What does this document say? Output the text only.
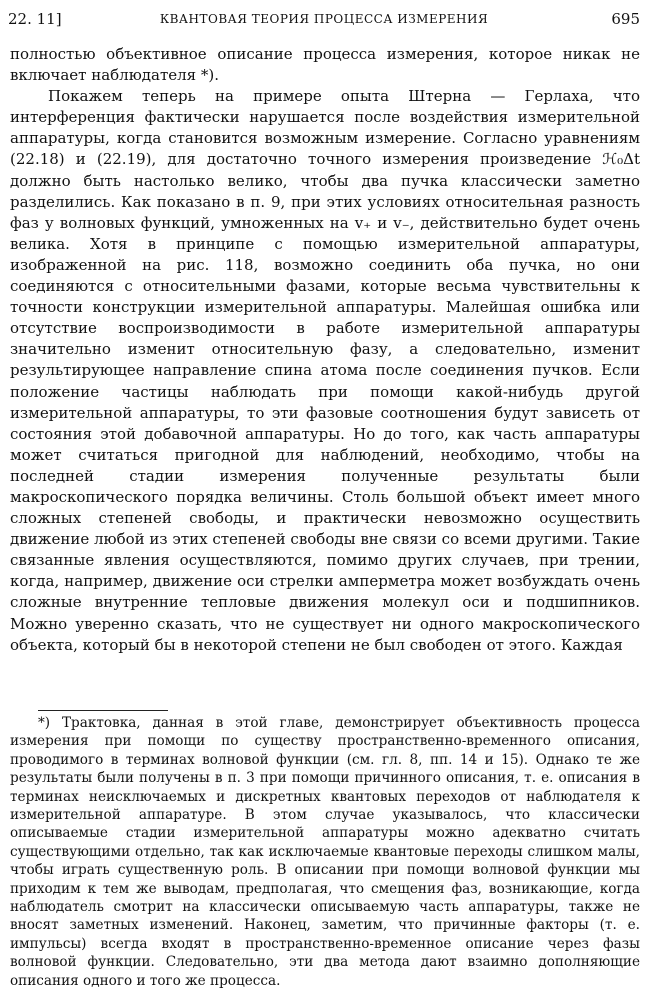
22. 11]	КВАНТОВАЯ ТЕОРИЯ ПРОЦЕССА ИЗМЕРЕНИЯ	695

полностью объективное описание процесса измерения, которое никак не включает наблюдателя *).

Покажем теперь на примере опыта Штерна — Герлаха, что интерференция фактически нарушается после воздействия измерительной аппаратуры, когда становится возможным измерение. Согласно уравнениям (22.18) и (22.19), для достаточно точного измерения произведение ℋ₀Δt должно быть настолько велико, чтобы два пучка классически заметно разделились. Как показано в п. 9, при этих условиях относительная разность фаз у волновых функций, умноженных на v₊ и v₋, действительно будет очень велика. Хотя в принципе с помощью измерительной аппаратуры, изображенной на рис. 118, возможно соединить оба пучка, но они соединяются с относительными фазами, которые весьма чувствительны к точности конструкции измерительной аппаратуры. Малейшая ошибка или отсутствие воспроизводимости в работе измерительной аппаратуры значительно изменит относительную фазу, а следовательно, изменит результирующее направление спина атома после соединения пучков. Если положение частицы наблюдать при помощи какой-нибудь другой измерительной аппаратуры, то эти фазовые соотношения будут зависеть от состояния этой добавочной аппаратуры. Но до того, как часть аппаратуры может считаться пригодной для наблюдений, необходимо, чтобы на последней стадии измерения полученные результаты были макроскопического порядка величины. Столь большой объект имеет много сложных степеней свободы, и практически невозможно осуществить движение любой из этих степеней свободы вне связи со всеми другими. Такие связанные явления осуществляются, помимо других случаев, при трении, когда, например, движение оси стрелки амперметра может возбуждать очень сложные внутренние тепловые движения молекул оси и подшипников. Можно уверенно сказать, что не существует ни одного макроскопического объекта, который бы в некоторой степени не был свободен от этого. Каждая

*) Трактовка, данная в этой главе, демонстрирует объективность процесса измерения при помощи по существу пространственно-временного описания, проводимого в терминах волновой функции (см. гл. 8, пп. 14 и 15). Однако те же результаты были получены в п. 3 при помощи причинного описания, т. е. описания в терминах неисключаемых и дискретных квантовых переходов от наблюдателя к измерительной аппаратуре. В этом случае указывалось, что классически описываемые стадии измерительной аппаратуры можно адекватно считать существующими отдельно, так как исключаемые квантовые переходы слишком малы, чтобы играть существенную роль. В описании при помощи волновой функции мы приходим к тем же выводам, предполагая, что смещения фаз, возникающие, когда наблюдатель смотрит на классически описываемую часть аппаратуры, также не вносят заметных изменений. Наконец, заметим, что причинные факторы (т. е. импульсы) всегда входят в пространственно-временное описание через фазы волновой функции. Следовательно, эти два метода дают взаимно дополняющие описания одного и того же процесса.
